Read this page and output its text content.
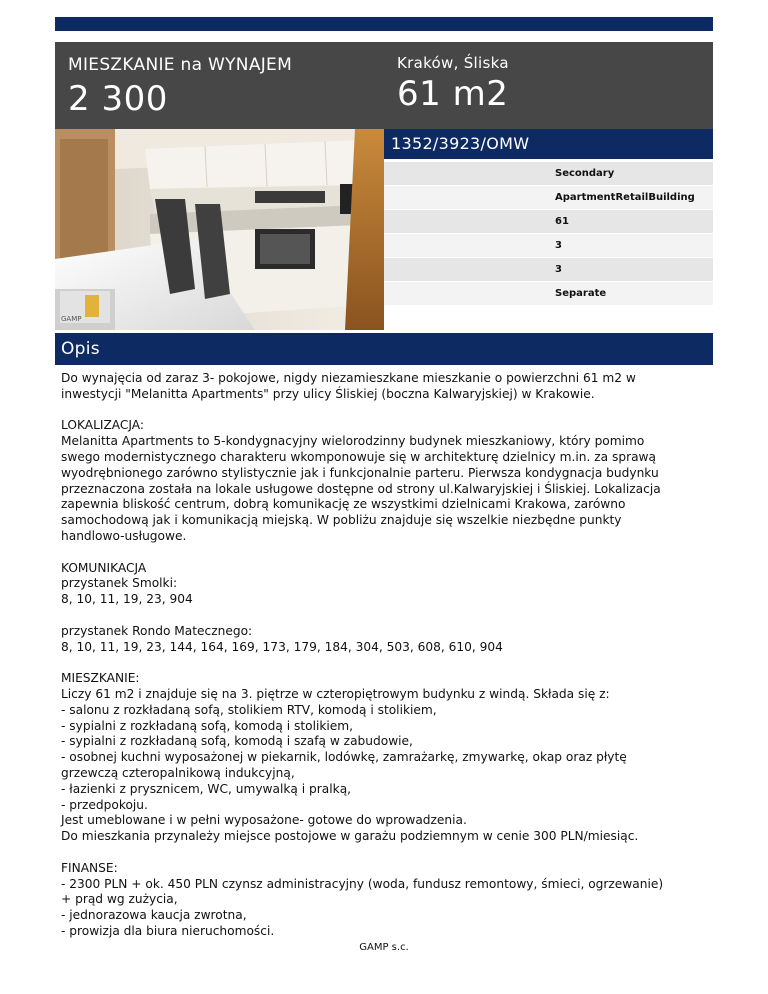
MIESZKANIE na WYNAJEM
2 300
Kraków, Śliska
61 m2
GAMP
1352/3923/OMW
Secondary
ApartmentRetailBuilding
61
3
3
Separate
Opis
Do wynajęcia od zaraz 3- pokojowe, nigdy niezamieszkane mieszkanie o powierzchni 61 m2 w
inwestycji "Melanitta Apartments" przy ulicy Śliskiej (boczna Kalwaryjskiej) w Krakowie.

LOKALIZACJA:
Melanitta Apartments to 5-kondygnacyjny wielorodzinny budynek mieszkaniowy, który pomimo
swego modernistycznego charakteru wkomponowuje się w architekturę dzielnicy m.in. za sprawą
wyodrębnionego zarówno stylistycznie jak i funkcjonalnie parteru. Pierwsza kondygnacja budynku
przeznaczona została na lokale usługowe dostępne od strony ul.Kalwaryjskiej i Śliskiej. Lokalizacja
zapewnia bliskość centrum, dobrą komunikację ze wszystkimi dzielnicami Krakowa, zarówno
samochodową jak i komunikacją miejską. W pobliżu znajduje się wszelkie niezbędne punkty
handlowo-usługowe.

KOMUNIKACJA
przystanek Smolki:
8, 10, 11, 19, 23, 904

przystanek Rondo Matecznego:
8, 10, 11, 19, 23, 144, 164, 169, 173, 179, 184, 304, 503, 608, 610, 904

MIESZKANIE:
Liczy 61 m2 i znajduje się na 3. piętrze w czteropiętrowym budynku z windą. Składa się z:
- salonu z rozkładaną sofą, stolikiem RTV, komodą i stolikiem,
- sypialni z rozkładaną sofą, komodą i stolikiem,
- sypialni z rozkładaną sofą, komodą i szafą w zabudowie,
- osobnej kuchni wyposażonej w piekarnik, lodówkę, zamrażarkę, zmywarkę, okap oraz płytę
grzewczą czteropalnikową indukcyjną,
- łazienki z prysznicem, WC, umywalką i pralką,
- przedpokoju.
Jest umeblowane i w pełni wyposażone- gotowe do wprowadzenia.
Do mieszkania przynależy miejsce postojowe w garażu podziemnym w cenie 300 PLN/miesiąc.

FINANSE:
- 2300 PLN + ok. 450 PLN czynsz administracyjny (woda, fundusz remontowy, śmieci, ogrzewanie)
+ prąd wg zużycia,
- jednorazowa kaucja zwrotna,
- prowizja dla biura nieruchomości.
GAMP s.c.
